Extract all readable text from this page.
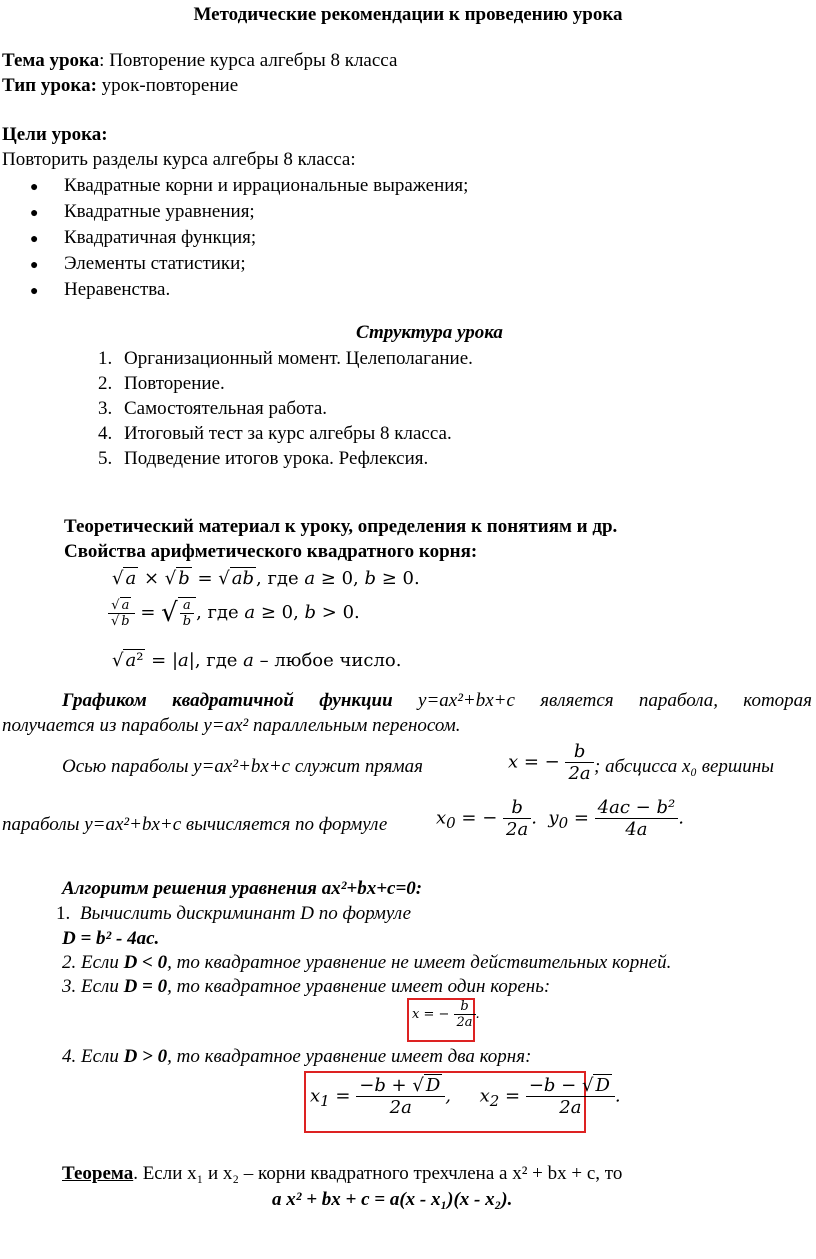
Методические рекомендации к проведению урока
Тема урока: Повторение курса алгебры 8 класса
Тип урока: урок-повторение
Цели урока:
Повторить разделы курса алгебры 8 класса:
● Квадратные корни и иррациональные выражения;
● Квадратные уравнения;
● Квадратичная функция;
● Элементы статистики;
● Неравенства.
Структура урока
1. Организационный момент. Целеполагание.
2. Повторение.
3. Самостоятельная работа.
4. Итоговый тест за курс алгебры 8 класса.
5. Подведение итогов урока. Рефлексия.
Теоретический материал к уроку, определения к понятиям и др.
Свойства арифметического квадратного корня:
√ 𝑎 × √ 𝑏 = √ 𝑎𝑏 , где 𝑎 ≥ 0, 𝑏 ≥ 0.
$\frac{\text{√ 𝑎}}{\text{√ 𝑏}}$ = √ $\frac{\text{𝑎}}{\text{𝑏}}$ , где 𝑎 ≥ 0, 𝑏 > 0.
√ 𝑎² = |𝑎|, где 𝑎 – любое число.
Графиком квадратичной функции y=ax²+bx+c является парабола, которая
получается из параболы y=ax² параллельным переносом.
Осью параболы y=ax²+bx+c служит прямая	x = − $\frac{b}{2a}$ ; абсцисса x₀ вершины
параболы y=ax²+bx+c вычисляется по формуле	$x_0$ = − $\frac{b}{2a}$ .  $y_0 = \frac{\text{4ac − b²}}{4a}$ .
Алгоритм решения уравнения ax²+bx+c=0:
1. Вычислить дискриминант D по формуле
D = b² - 4ac.
2. Если D < 0, то квадратное уравнение не имеет действительных корней.
3. Если D = 0, то квадратное уравнение имеет один корень:
x = − $\frac{b}{2a}$ .
4. Если D > 0, то квадратное уравнение имеет два корня:
$x_1 = \frac{-b + √ D}{2a}$ ,     $x_2 = \frac{-b - √ D}{2a}$ .
Теорема. Если x₁ и x₂ – корни квадратного трехчлена a x² + bx + c, то
a x² + bx + c = a(x - x₁)(x - x₂).
